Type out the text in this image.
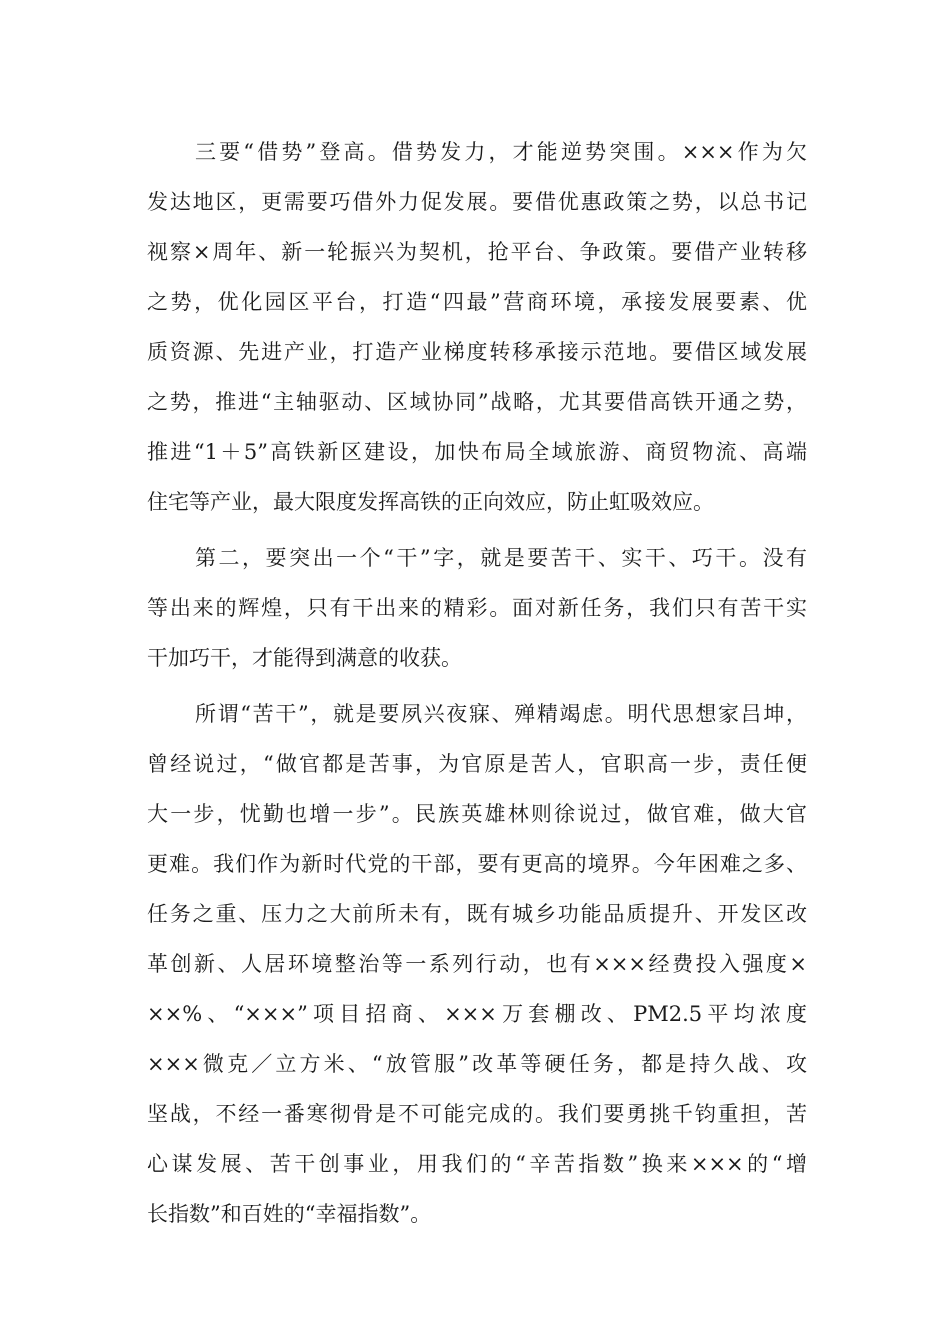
三要“借势”登高。借势发力，才能逆势突围。×××作为欠

发达地区，更需要巧借外力促发展。要借优惠政策之势，以总书记

视察×周年、新一轮振兴为契机，抢平台、争政策。要借产业转移

之势，优化园区平台，打造“四最”营商环境，承接发展要素、优

质资源、先进产业，打造产业梯度转移承接示范地。要借区域发展

之势，推进“主轴驱动、区域协同”战略，尤其要借高铁开通之势，

推进“1＋5”高铁新区建设，加快布局全域旅游、商贸物流、高端

住宅等产业，最大限度发挥高铁的正向效应，防止虹吸效应。

第二，要突出一个“干”字，就是要苦干、实干、巧干。没有

等出来的辉煌，只有干出来的精彩。面对新任务，我们只有苦干实

干加巧干，才能得到满意的收获。

所谓“苦干”，就是要夙兴夜寐、殚精竭虑。明代思想家吕坤，

曾经说过，“做官都是苦事，为官原是苦人，官职高一步，责任便

大一步，忧勤也增一步”。民族英雄林则徐说过，做官难，做大官

更难。我们作为新时代党的干部，要有更高的境界。今年困难之多、

任务之重、压力之大前所未有，既有城乡功能品质提升、开发区改

革创新、人居环境整治等一系列行动，也有×××经费投入强度×

××%、“×××”项目招商、×××万套棚改、PM2.5平均浓度

×××微克／立方米、“放管服”改革等硬任务，都是持久战、攻

坚战，不经一番寒彻骨是不可能完成的。我们要勇挑千钧重担，苦

心谋发展、苦干创事业，用我们的“辛苦指数”换来×××的“增

长指数”和百姓的“幸福指数”。
